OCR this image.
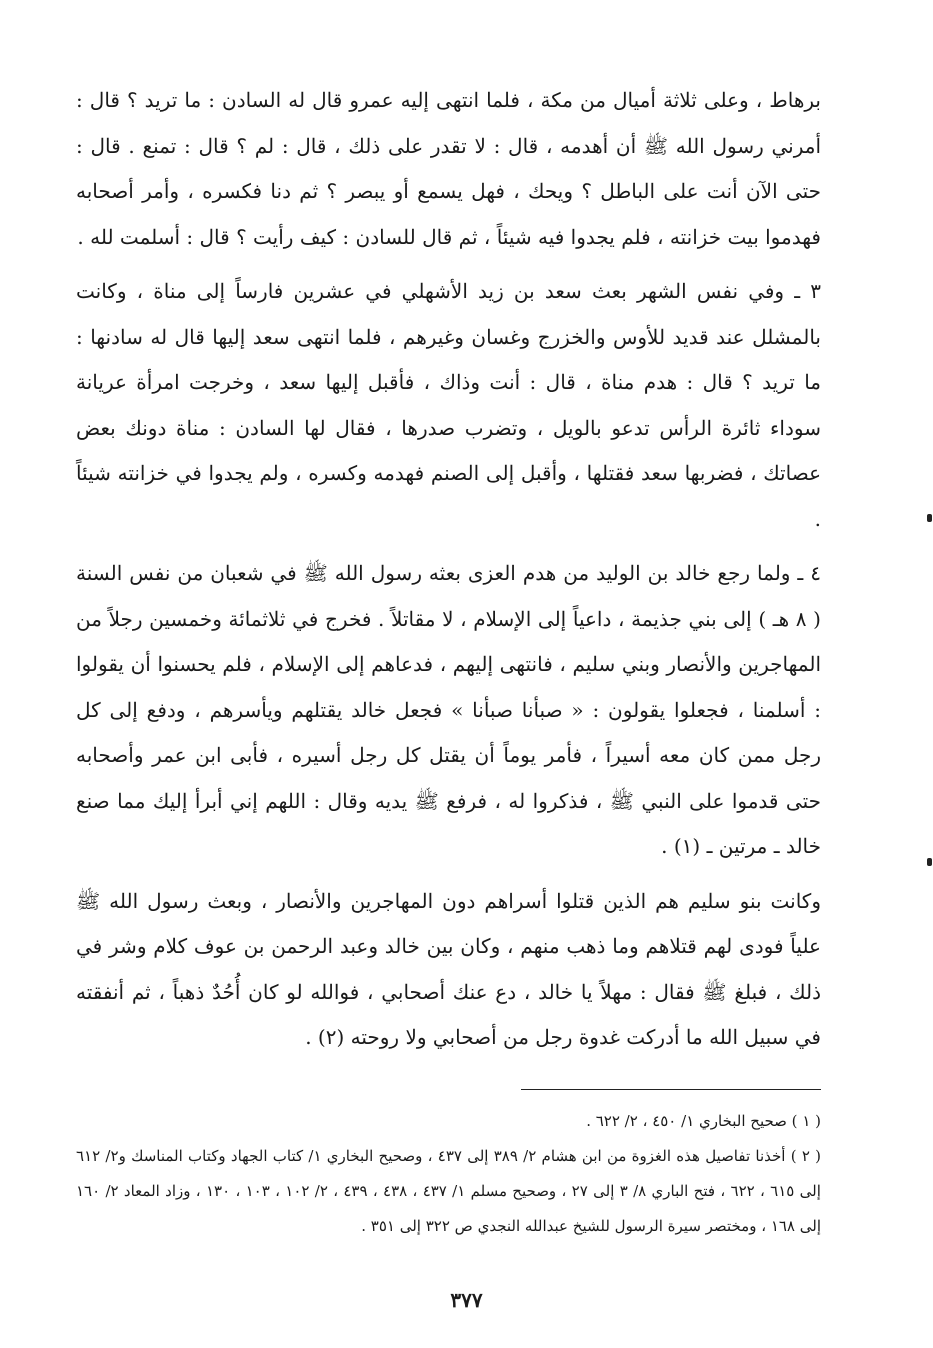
برهاط ، وعلى ثلاثة أميال من مكة ، فلما انتهى إليه عمرو قال له السادن : ما تريد ؟ قال : أمرني رسول الله ﷺ أن أهدمه ، قال : لا تقدر على ذلك ، قال : لم ؟ قال : تمنع . قال : حتى الآن أنت على الباطل ؟ ويحك ، فهل يسمع أو يبصر ؟ ثم دنا فكسره ، وأمر أصحابه فهدموا بيت خزانته ، فلم يجدوا فيه شيئاً ، ثم قال للسادن : كيف رأيت ؟ قال : أسلمت لله .

٣ ـ وفي نفس الشهر بعث سعد بن زيد الأشهلي في عشرين فارساً إلى مناة ، وكانت بالمشلل عند قديد للأوس والخزرج وغسان وغيرهم ، فلما انتهى سعد إليها قال له سادنها : ما تريد ؟ قال : هدم مناة ، قال : أنت وذاك ، فأقبل إليها سعد ، وخرجت امرأة عريانة سوداء ثائرة الرأس تدعو بالويل ، وتضرب صدرها ، فقال لها السادن : مناة دونك بعض عصاتك ، فضربها سعد فقتلها ، وأقبل إلى الصنم فهدمه وكسره ، ولم يجدوا في خزانته شيئاً .

٤ ـ ولما رجع خالد بن الوليد من هدم العزى بعثه رسول الله ﷺ في شعبان من نفس السنة ( ٨ هـ ) إلى بني جذيمة ، داعياً إلى الإسلام ، لا مقاتلاً . فخرج في ثلاثمائة وخمسين رجلاً من المهاجرين والأنصار وبني سليم ، فانتهى إليهم ، فدعاهم إلى الإسلام ، فلم يحسنوا أن يقولوا : أسلمنا ، فجعلوا يقولون : « صبأنا صبأنا » فجعل خالد يقتلهم ويأسرهم ، ودفع إلى كل رجل ممن كان معه أسيراً ، فأمر يوماً أن يقتل كل رجل أسيره ، فأبى ابن عمر وأصحابه حتى قدموا على النبي ﷺ ، فذكروا له ، فرفع ﷺ يديه وقال : اللهم إني أبرأ إليك مما صنع خالد ـ مرتين ـ (١) .

وكانت بنو سليم هم الذين قتلوا أسراهم دون المهاجرين والأنصار ، وبعث رسول الله ﷺ علياً فودى لهم قتلاهم وما ذهب منهم ، وكان بين خالد وعبد الرحمن بن عوف كلام وشر في ذلك ، فبلغ ﷺ فقال : مهلاً يا خالد ، دع عنك أصحابي ، فوالله لو كان أُحُدٌ ذهباً ، ثم أنفقته في سبيل الله ما أدركت غدوة رجل من أصحابي ولا روحته (٢) .

( ١ ) صحيح البخاري ١/ ٤٥٠ ، ٢/ ٦٢٢ .

( ٢ ) أخذنا تفاصيل هذه الغزوة من ابن هشام ٢/ ٣٨٩ إلى ٤٣٧ ، وصحيح البخاري ١/ كتاب الجهاد وكتاب المناسك و٢/ ٦١٢ إلى ٦١٥ ، ٦٢٢ ، فتح الباري ٨/ ٣ إلى ٢٧ ، وصحيح مسلم ١/ ٤٣٧ ، ٤٣٨ ، ٤٣٩ ، ٢/ ١٠٢ ، ١٠٣ ، ١٣٠ ، وزاد المعاد ٢/ ١٦٠ إلى ١٦٨ ، ومختصر سيرة الرسول للشيخ عبدالله النجدي ص ٣٢٢ إلى ٣٥١ .

٣٧٧
